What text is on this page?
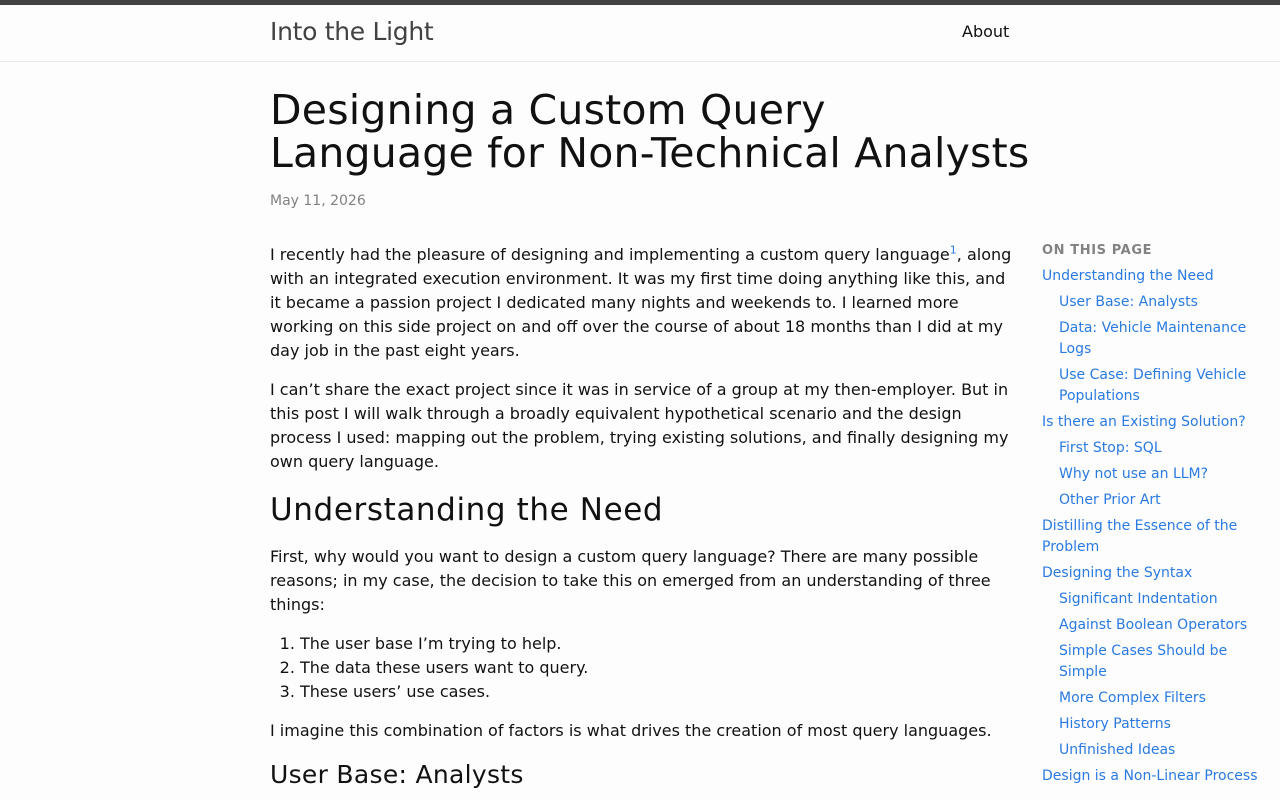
Into the Light	About
Designing a Custom Query Language for Non-Technical Analysts
May 11, 2026

I recently had the pleasure of designing and implementing a custom query language$^1$, along with an integrated execution environment. It was my first time doing anything like this, and it became a passion project I dedicated many nights and weekends to. I learned more working on this side project on and off over the course of about 18 months than I did at my day job in the past eight years.

I can’t share the exact project since it was in service of a group at my then-employer. But in this post I will walk through a broadly equivalent hypothetical scenario and the design process I used: mapping out the problem, trying existing solutions, and finally designing my own query language.

Understanding the Need

First, why would you want to design a custom query language? There are many possible reasons; in my case, the decision to take this on emerged from an understanding of three things:

1. The user base I’m trying to help.
2. The data these users want to query.
3. These users’ use cases.

I imagine this combination of factors is what drives the creation of most query languages.

User Base: Analysts
ON THIS PAGE
Understanding the Need
User Base: Analysts
Data: Vehicle Maintenance Logs
Use Case: Defining Vehicle Populations
Is there an Existing Solution?
First Stop: SQL
Why not use an LLM?
Other Prior Art
Distilling the Essence of the Problem
Designing the Syntax
Significant Indentation
Against Boolean Operators
Simple Cases Should be Simple
More Complex Filters
History Patterns
Unfinished Ideas
Design is a Non-Linear Process
